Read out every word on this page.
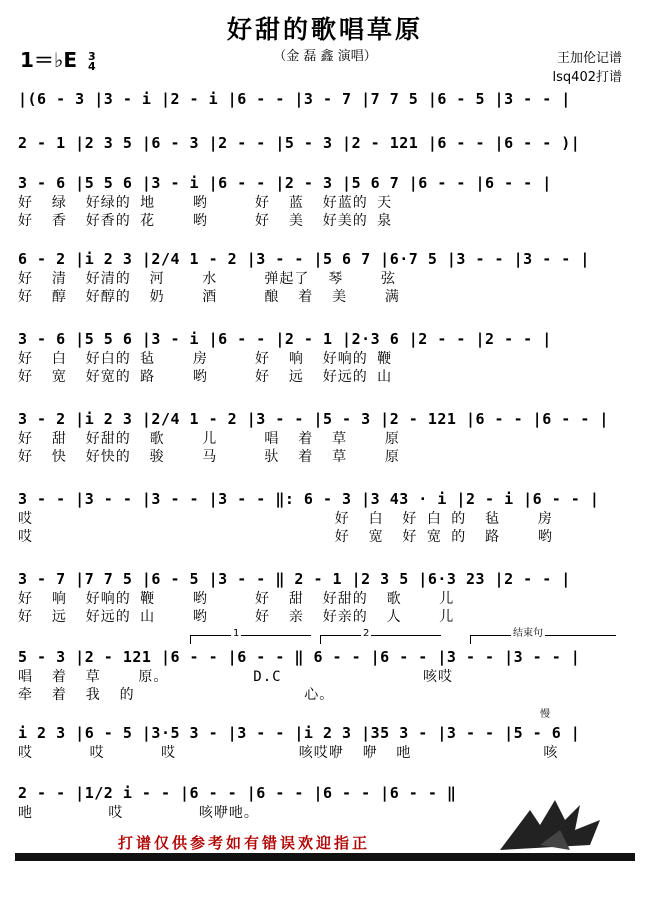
好甜的歌唱草原
（金 磊 鑫 演唱）
1＝♭E 3
4	王加伦记谱
lsq402打谱
|(6 - 3 |3 - i |2 - i |6 - - |3 - 7 |7 7 5 |6 - 5 |3 - - |
2 - 1 |2 3 5 |6 - 3 |2 - - |5 - 3 |2 - 121 |6 - - |6 - - )|
3 - 6 |5 5 6 |3 - i |6 - - |2 - 3 |5 6 7 |6 - - |6 - - |
好  绿  好绿的 地    哟     好  蓝  好蓝的 天
好  香  好香的 花    哟     好  美  好美的 泉
6 - 2 |i 2 3 |2/4 1 - 2 |3 - - |5 6 7 |6·7 5 |3 - - |3 - - |
好  清  好清的  河    水     弹起了  琴    弦
好  醇  好醇的  奶    酒     酿  着  美    满
3 - 6 |5 5 6 |3 - i |6 - - |2 - 1 |2·3 6 |2 - - |2 - - |
好  白  好白的 毡    房     好  响  好响的 鞭
好  宽  好宽的 路    哟     好  远  好远的 山
3 - 2 |i 2 3 |2/4 1 - 2 |3 - - |5 - 3 |2 - 121 |6 - - |6 - - |
好  甜  好甜的  歌    儿     唱  着  草    原
好  快  好快的  骏    马     驮  着  草    原
3 - - |3 - - |3 - - |3 - - ‖: 6 - 3 |3 43 · i |2 - i |6 - - |
哎                                好  白  好 白 的  毡    房
哎                                好  宽  好 宽 的  路    哟
3 - 7 |7 7 5 |6 - 5 |3 - - ‖ 2 - 1 |2 3 5 |6·3 23 |2 - - |
好  响  好响的 鞭    哟     好  甜  好甜的  歌    儿
好  远  好远的 山    哟     好  亲  好亲的  人    儿
1	2	结束句
5 - 3 |2 - 121 |6 - - |6 - - ‖ 6 - - |6 - - |3 - - |3 - - |
唱  着  草    原。         D.C               咳哎
牵  着  我  的                  心。
慢
i 2 3 |6 - 5 |3·5 3 - |3 - - |i 2 3 |35 3 - |3 - - |5 - 6 |
哎      哎      哎             咳哎咿  咿  吔              咳
2 - - |1/2 i - - |6 - - |6 - - |6 - - |6 - - ‖
吔        哎        咳咿吔。
打谱仅供参考如有错误欢迎指正
